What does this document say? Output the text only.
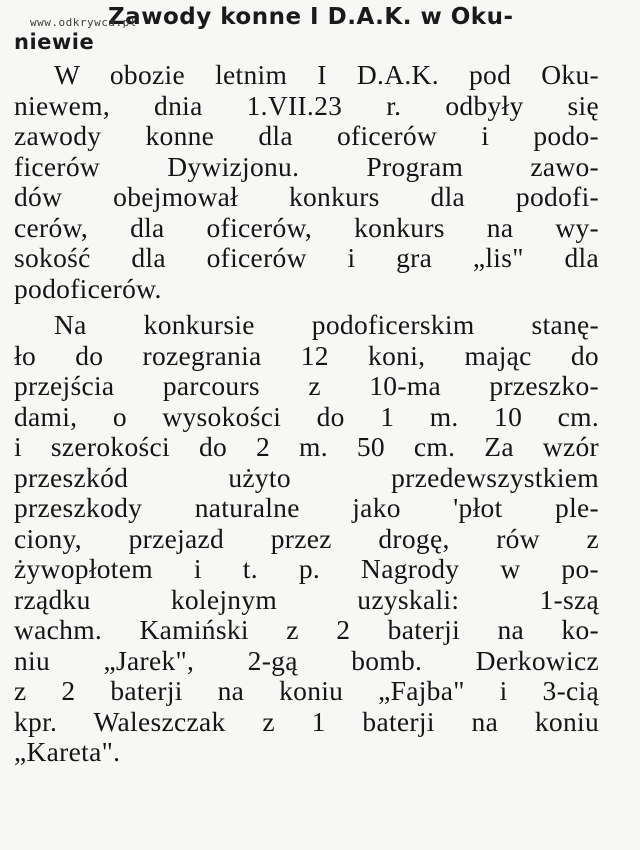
www.odkrywca.pl
Zawody konne I D.A.K. w Oku-
niewie
W obozie letnim I D.A.K. pod Oku-
niewem, dnia 1.VII.23 r. odbyły się
zawody konne dla oficerów i podo-
ficerów Dywizjonu. Program zawo-
dów obejmował konkurs dla podofi-
cerów, dla oficerów, konkurs na wy-
sokość dla oficerów i gra „lis" dla
podoficerów.
Na konkursie podoficerskim stanę-
ło do rozegrania 12 koni, mając do
przejścia parcours z 10-ma przeszko-
dami, o wysokości do 1 m. 10 cm.
i szerokości do 2 m. 50 cm. Za wzór
przeszkód użyto przedewszystkiem
przeszkody naturalne jako 'płot ple-
ciony, przejazd przez drogę, rów z
żywopłotem i t. p. Nagrody w po-
rządku kolejnym uzyskali: 1-szą
wachm. Kamiński z 2 baterji na ko-
niu „Jarek", 2-gą bomb. Derkowicz
z 2 baterji na koniu „Fajba" i 3-cią
kpr. Waleszczak z 1 baterji na koniu
„Kareta".
